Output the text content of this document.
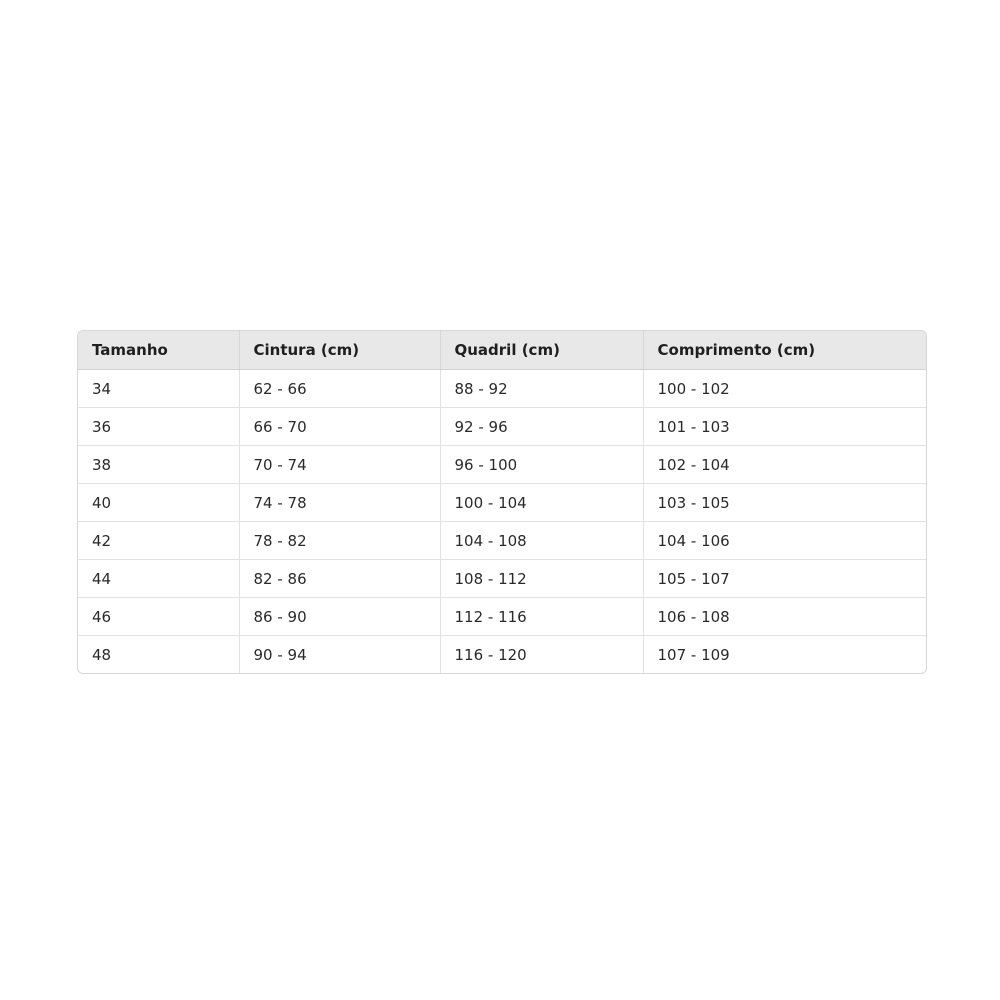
Tamanho	Cintura (cm)	Quadril (cm)	Comprimento (cm)
34	62 - 66	88 - 92	100 - 102
36	66 - 70	92 - 96	101 - 103
38	70 - 74	96 - 100	102 - 104
40	74 - 78	100 - 104	103 - 105
42	78 - 82	104 - 108	104 - 106
44	82 - 86	108 - 112	105 - 107
46	86 - 90	112 - 116	106 - 108
48	90 - 94	116 - 120	107 - 109
